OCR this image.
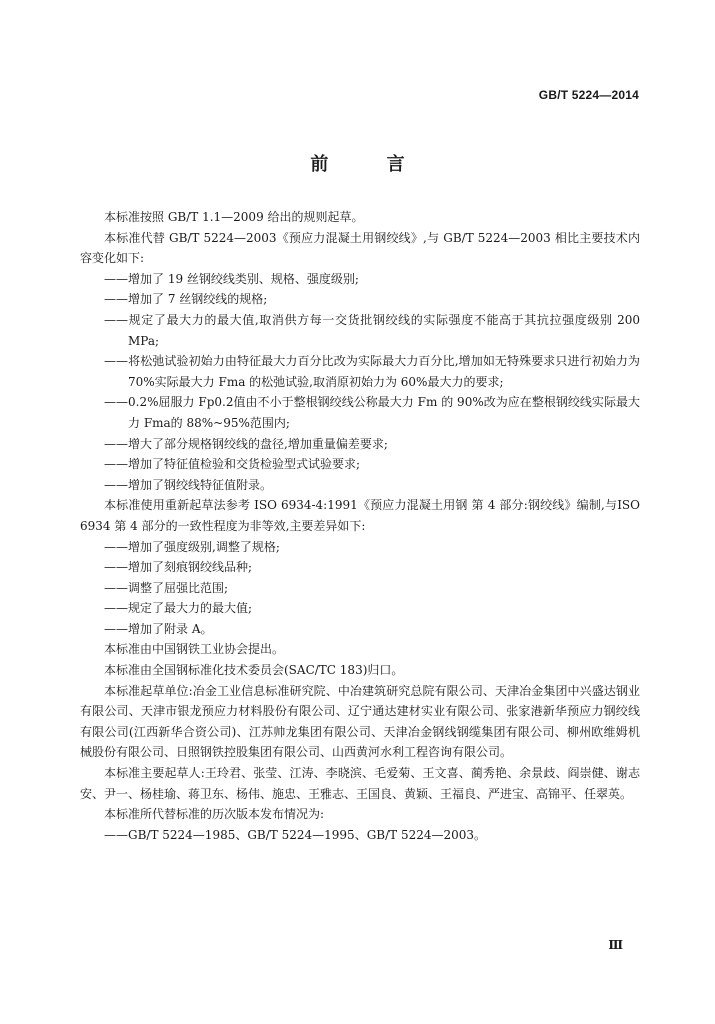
GB/T 5224—2014
前 言

本标准按照 GB/T 1.1—2009 给出的规则起草。

本标准代替 GB/T 5224—2003《预应力混凝土用钢绞线》,与 GB/T 5224—2003 相比主要技术内容变化如下:

——增加了 19 丝钢绞线类别、规格、强度级别;

——增加了 7 丝钢绞线的规格;

——规定了最大力的最大值,取消供方每一交货批钢绞线的实际强度不能高于其抗拉强度级别 200 MPa;

——将松弛试验初始力由特征最大力百分比改为实际最大力百分比,增加如无特殊要求只进行初始力为 70%实际最大力 Fma 的松弛试验,取消原初始力为 60%最大力的要求;

——0.2%屈服力 Fp0.2值由不小于整根钢绞线公称最大力 Fm 的 90%改为应在整根钢绞线实际最大力 Fma的 88%~95%范围内;

——增大了部分规格钢绞线的盘径,增加重量偏差要求;

——增加了特征值检验和交货检验型式试验要求;

——增加了钢绞线特征值附录。

本标准使用重新起草法参考 ISO 6934-4:1991《预应力混凝土用钢 第 4 部分:钢绞线》编制,与ISO 6934 第 4 部分的一致性程度为非等效,主要差异如下:

——增加了强度级别,调整了规格;

——增加了刻痕钢绞线品种;

——调整了屈强比范围;

——规定了最大力的最大值;

——增加了附录 A。

本标准由中国钢铁工业协会提出。

本标准由全国钢标准化技术委员会(SAC/TC 183)归口。

本标准起草单位:冶金工业信息标准研究院、中冶建筑研究总院有限公司、天津冶金集团中兴盛达钢业有限公司、天津市银龙预应力材料股份有限公司、辽宁通达建材实业有限公司、张家港新华预应力钢绞线有限公司(江西新华合资公司)、江苏帅龙集团有限公司、天津冶金钢线钢缆集团有限公司、柳州欧维姆机械股份有限公司、日照钢铁控股集团有限公司、山西黄河水利工程咨询有限公司。

本标准主要起草人:王玲君、张莹、江涛、李晓滨、毛爱菊、王文喜、蔺秀艳、余景歧、阎崇健、谢志安、尹一、杨桂瑜、蒋卫东、杨伟、施忠、王雅志、王国良、黄颖、王福良、严进宝、高锦平、任翠英。

本标准所代替标准的历次版本发布情况为:

——GB/T 5224—1985、GB/T 5224—1995、GB/T 5224—2003。

Ⅲ
